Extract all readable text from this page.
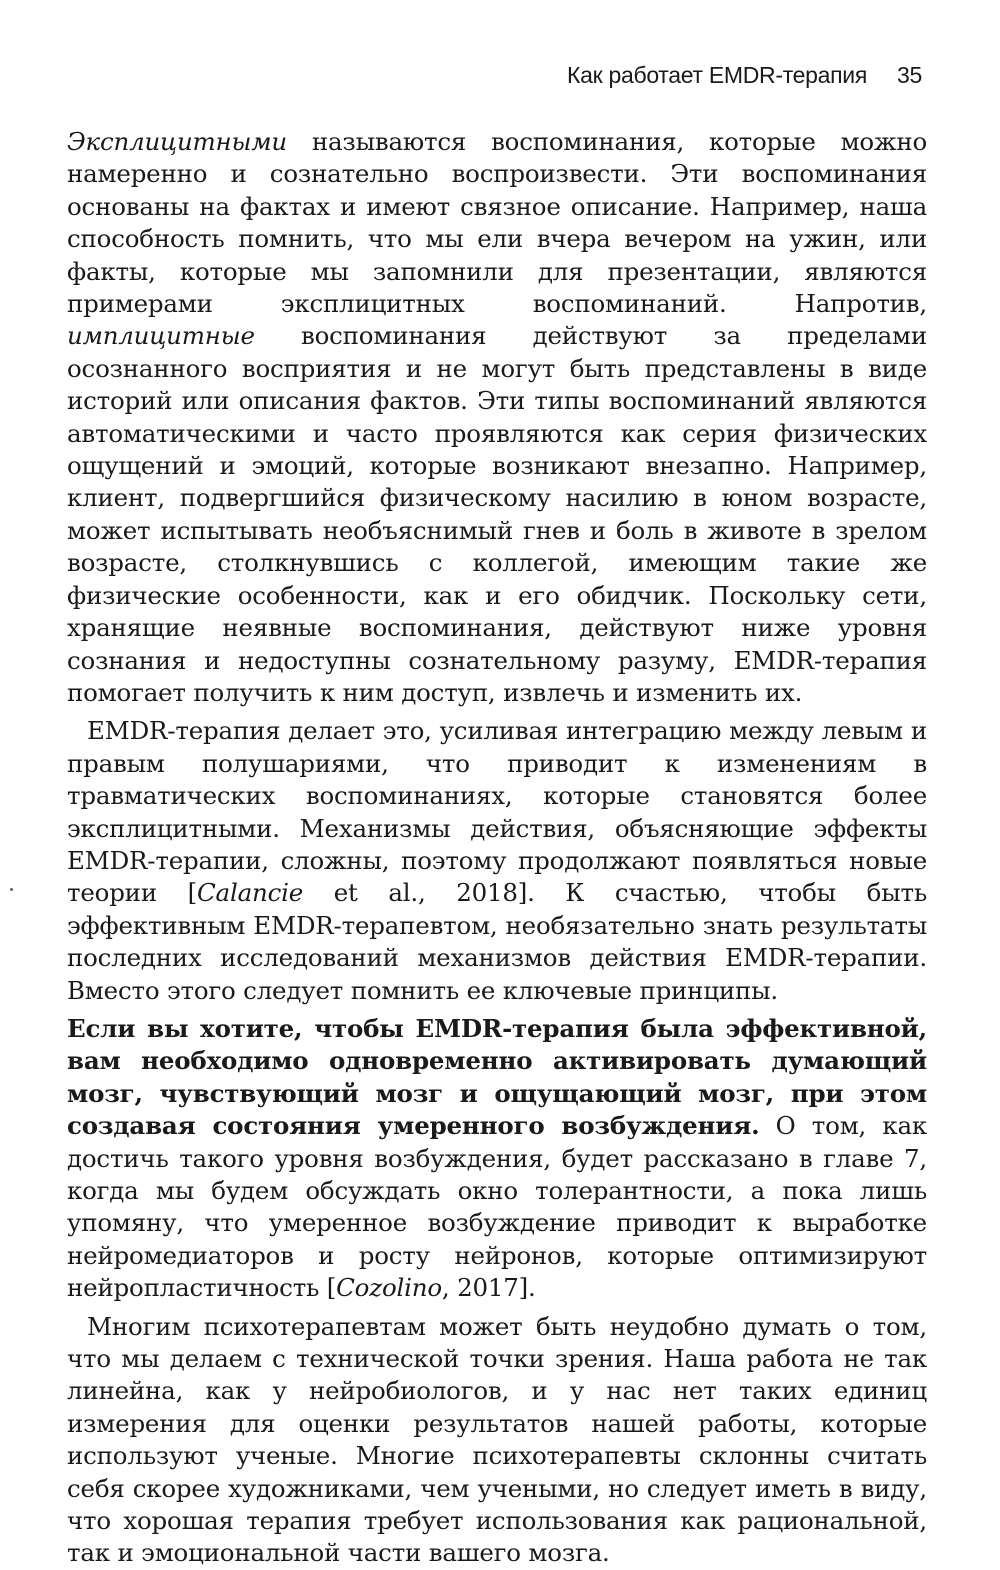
Как работает EMDR-терапия 35

Эксплицитными называются воспоминания, которые можно намеренно и сознательно воспроизвести. Эти воспоминания основаны на фактах и имеют связное описание. Например, наша способность помнить, что мы ели вчера вечером на ужин, или факты, которые мы запомнили для презентации, являются примерами эксплицитных воспоминаний. Напротив, имплицитные воспоминания действуют за пределами осознанного восприятия и не могут быть представлены в виде историй или описания фактов. Эти типы воспоминаний являются автоматическими и часто проявляются как серия физических ощущений и эмоций, которые возникают внезапно. Например, клиент, подвергшийся физическому насилию в юном возрасте, может испытывать необъяснимый гнев и боль в животе в зрелом возрасте, столкнувшись с коллегой, имеющим такие же физические особенности, как и его обидчик. Поскольку сети, хранящие неявные воспоминания, действуют ниже уровня сознания и недоступны сознательному разуму, EMDR-терапия помогает получить к ним доступ, извлечь и изменить их.

EMDR-терапия делает это, усиливая интеграцию между левым и правым полушариями, что приводит к изменениям в травматических воспоминаниях, которые становятся более эксплицитными. Механизмы действия, объясняющие эффекты EMDR-терапии, сложны, поэтому продолжают появляться новые теории [Calancie et al., 2018]. К счастью, чтобы быть эффективным EMDR-терапевтом, необязательно знать результаты последних исследований механизмов действия EMDR-терапии. Вместо этого следует помнить ее ключевые принципы.

Если вы хотите, чтобы EMDR-терапия была эффективной, вам необходимо одновременно активировать думающий мозг, чувствующий мозг и ощущающий мозг, при этом создавая состояния умеренного возбуждения. О том, как достичь такого уровня возбуждения, будет рассказано в главе 7, когда мы будем обсуждать окно толерантности, а пока лишь упомяну, что умеренное возбуждение приводит к выработке нейромедиаторов и росту нейронов, которые оптимизируют нейропластичность [Cozolino, 2017].

Многим психотерапевтам может быть неудобно думать о том, что мы делаем с технической точки зрения. Наша работа не так линейна, как у нейробиологов, и у нас нет таких единиц измерения для оценки результатов нашей работы, которые используют ученые. Многие психотерапевты склонны считать себя скорее художниками, чем учеными, но следует иметь в виду, что хорошая терапия требует использования как рациональной, так и эмоциональной части вашего мозга.
